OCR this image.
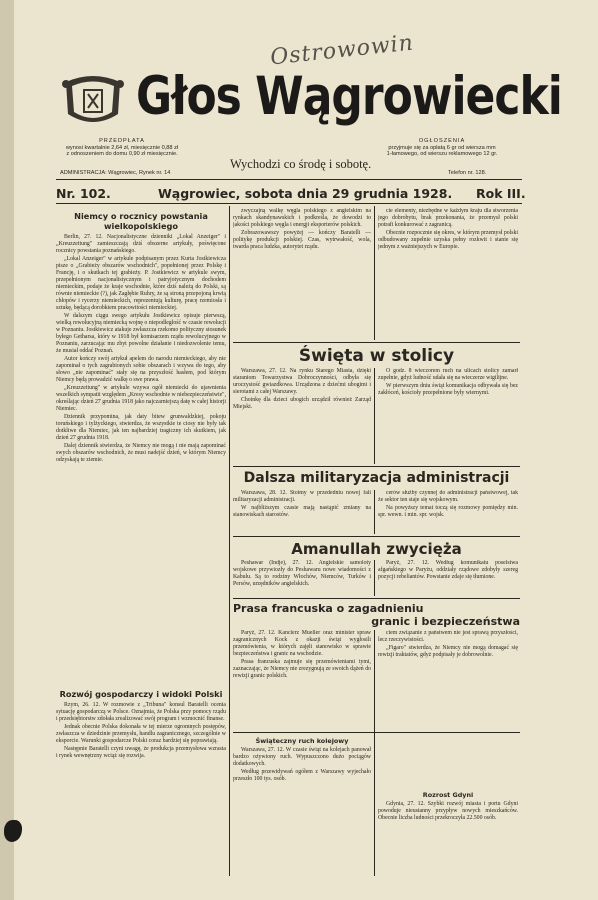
Ostrowowin
Głos Wągrowiecki
Wychodzi co środę i sobotę.
PRZEDPŁATA
wynosi kwartalnie 2,64 zł, miesięcznie 0,88 zł
z odnoszeniem do domu 0,90 zł miesięcznie.
OGŁOSZENIA
przyjmuje się za opłatą 6 gr od wiersza mm
1-łamowego, od wierszu reklamowego 12 gr.
ADMINISTRACJA: Wągrowiec, Rynek nr. 14	Telefon nr. 128.
Nr. 102.	Wągrowiec, sobota dnia 29 grudnia 1928. Rok III.
Niemcy o rocznicy powstania wielkopolskiego

Berlin, 27. 12. Nacjonalistyczne dzienniki „Lokal Anzeiger" i „Kreuzzeitung" zamieszczają dziś obszerne artykuły, poświęcone rocznicy powstania poznańskiego.

„Lokal Anzeiger" w artykule podpisanym przez Kurta Jostkiewicza pisze o „Grabieży obszarów wschodnich", popełnionej przez Polskę i Francję, i o skutkach tej grabieży. P. Jostkiewicz w artykule swym, przepełnionym nacjonalistycznym i patryjotycznym dochodem niemieckim, podaje że kraje wschodnie, które dziś należą do Polski, są równie niemieckie (?), jak Zagłębie Ruhry, że są stroną przepojoną krwią chłopów i rycerzy niemieckich, reprezentują kulturę, pracę rzemiosła i sztukę, będącą dorobkiem pracowitości niemieckiej.

W dalszym ciągu swego artykułu Jostkiewicz opisuje pierwszą, wielką rewolucyjną niemiecką wojnę o niepodległość w czasie rewolucji w Poznaniu. Jostkiewicz atakuje zwłaszcza rzekomo polityczny stosunek byłego Getharsa, który w 1918 był komisarzem rządu rewolucyjnego w Poznaniu, zarzucając mu zbyt powolne działanie i niedozwolenie temu, że musiał oddać Poznań.

Autor kończy swój artykuł apelem do narodu niemieckiego, aby nie zapominał o tych zagrabionych sobie obszarach i wzywa do tego, aby słowo „nie zapominać" stały się na przyszłość hasłem, pod którym Niemcy będą prowadzić walkę o swe prawa.

„Kreuzzeitung" w artykule wzywa ogół niemiecki do ujawnienia wszelkich sympatii względem „Kresy wschodnie w niebezpieczeństwie", określając dzień 27 grudnia 1918 jako najczarniejszą datę w całej historji Niemiec.

Dziennik przypomina, jak daty bitew grunwaldzkiej, pokoju toruńskiego i tylżyckiego, stwierdza, że wszystkie te ciosy nie były tak dotkliwe dla Niemiec, jak ten najbardziej tragiczny ich skutkiem, jak dzień 27 grudnia 1918.

Dalej dziennik stwierdza, że Niemcy nie mogą i nie mają zapominać swych obszarów wschodnich, że musi nadejść dzień, w którym Niemcy odzyskają te ziemie.

Rozwój gospodarczy i widoki Polski

Rzym, 26. 12. W rozmowie z „Tribuna" konsul Baratelli ocenia sytuację gospodarczą w Polsce. Oznajmia, że Polska przy pomocy rządu i przedsiębiorstw zdołała zrealizować swój program i wzmocnić finanse.

Jednak obecnie Polska dokonała w tej mierze ogromnych postępów, zwłaszcza w dziedzinie przemysłu, handlu zagranicznego, szczególnie w eksporcie. Warunki gospodarcze Polski coraz bardziej się poprawiają.

Następnie Baratelli czyni uwagę, że produkcja przemysłowa wzrasta i rynek wewnętrzny wciąż się rozwija.

zwyczajną walkę węgla polskiego z angielskim na rynkach skandynawskich i podkreśla, że dowodzi to jakości polskiego węgla i energji eksporterów polskich.

Zobrazowawszy powyżej — kończy Baratelli — politykę produkcji polskiej. Czas, wytrwałość, wola, twarda praca ludzka, autorytet rządu.

cie elementy, niezbędne w każdym kraju dla stworzenia jego dobrobytu, brak przekonania, że przemysł polski potrafi konkurować z zagranicą.

Obecnie rozpocznie się okres, w którym przemysł polski odbudowany zupełnie uzyska pełny rozkwit i stanie się jednym z ważniejszych w Europie.

Święta w stolicy

Warszawa, 27. 12. Na rynku Starego Miasta, dzięki staraniom Towarzystwa Dobroczynności, odbyła się uroczystość gwiazdkowa. Urządzona z dziećmi ubogimi i sierotami z całej Warszawy.

Choinkę dla dzieci ubogich urządził również Zarząd Miejski.

O godz. 8 wieczorem ruch na ulicach stolicy zamarł zupełnie, gdyż ludność udała się na wieczerze wigilijne.

W pierwszym dniu świąt komunikacja odbywała się bez zakłóceń, kościoły przepełnione były wiernymi.

Dalsza militaryzacja administracji

Warszawa, 28. 12. Stoimy w przededniu nowej fali militaryzacji administracji.

W najbliższym czasie mają nastąpić zmiany na stanowiskach starostów.

cerów służby czynnej do administracji państwowej, tak że sektor ten staje się wojskowym.

Na powyższy temat toczą się rozmowy pomiędzy min. spr. wewn. i min. spr. wojsk.

Amanullah zwycięża

Peshawar (Indje), 27. 12. Angielskie samoloty wojskowe przywiozły do Peshawaru nowe wiadomości z Kabulu. Są to rodziny Włochów, Niemców, Turków i Persów, urzędników angielskich.

Paryż, 27. 12. Według komunikatu poselstwa afgańskiego w Paryżu, oddziały rządowe zdobyły szereg pozycji rebeliantów. Powstanie zdaje się tłumione.

Prasa francuska o zagadnieniu
granic i bezpieczeństwa

Paryż, 27. 12. Kanclerz Mueller oraz minister spraw zagranicznych Kock z okazji świąt wygłosili przemówienia, w których zajęli stanowisko w sprawie bezpieczeństwa i granic na wschodzie.

Prasa francuska zajmuje się przemówieniami tymi, zaznaczając, że Niemcy nie zrezygnują ze swoich dążeń do rewizji granic polskich.

ciem związanie z państwem nie jest sprawą przyszłości, lecz rzeczywistości.

„Figaro" stwierdza, że Niemcy nie mogą domagać się rewizji traktatów, gdyż podpisały je dobrowolnie.

Świąteczny ruch kolejowy

Warszawa, 27. 12. W czasie świąt na kolejach panował bardzo ożywiony ruch. Wypuszczono dużo pociągów dodatkowych.

Według przewidywań ogółem z Warszawy wyjechało przeszło 100 tys. osób.

Rozrost Gdyni

Gdynia, 27. 12. Szybki rozwój miasta i portu Gdyni powoduje nieustanny przypływ nowych mieszkańców. Obecnie liczba ludności przekroczyła 22.500 osób.
